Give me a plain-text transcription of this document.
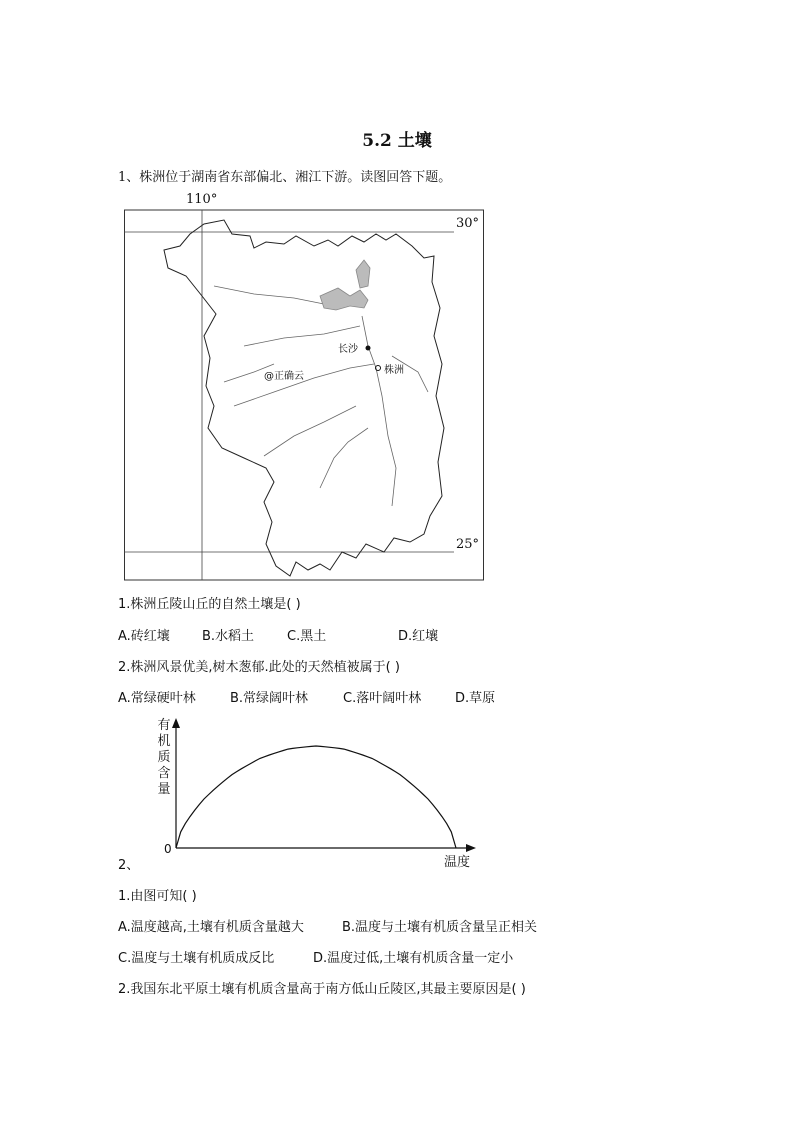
5.2 土壤
1、株洲位于湖南省东部偏北、湘江下游。读图回答下题。
110°
30°
25°
长沙
株洲
@正确云
1.株洲丘陵山丘的自然土壤是( )
A.砖红壤 B.水稻土	C.黑土	D.红壤
2.株洲风景优美,树木葱郁.此处的天然植被属于( )
A.常绿硬叶林	B.常绿阔叶林	C.落叶阔叶林	D.草原
有机质含量
0
温度
2、
1.由图可知( )
A.温度越高,土壤有机质含量越大	B.温度与土壤有机质含量呈正相关
C.温度与土壤有机质成反比	D.温度过低,土壤有机质含量一定小
2.我国东北平原土壤有机质含量高于南方低山丘陵区,其最主要原因是( )
